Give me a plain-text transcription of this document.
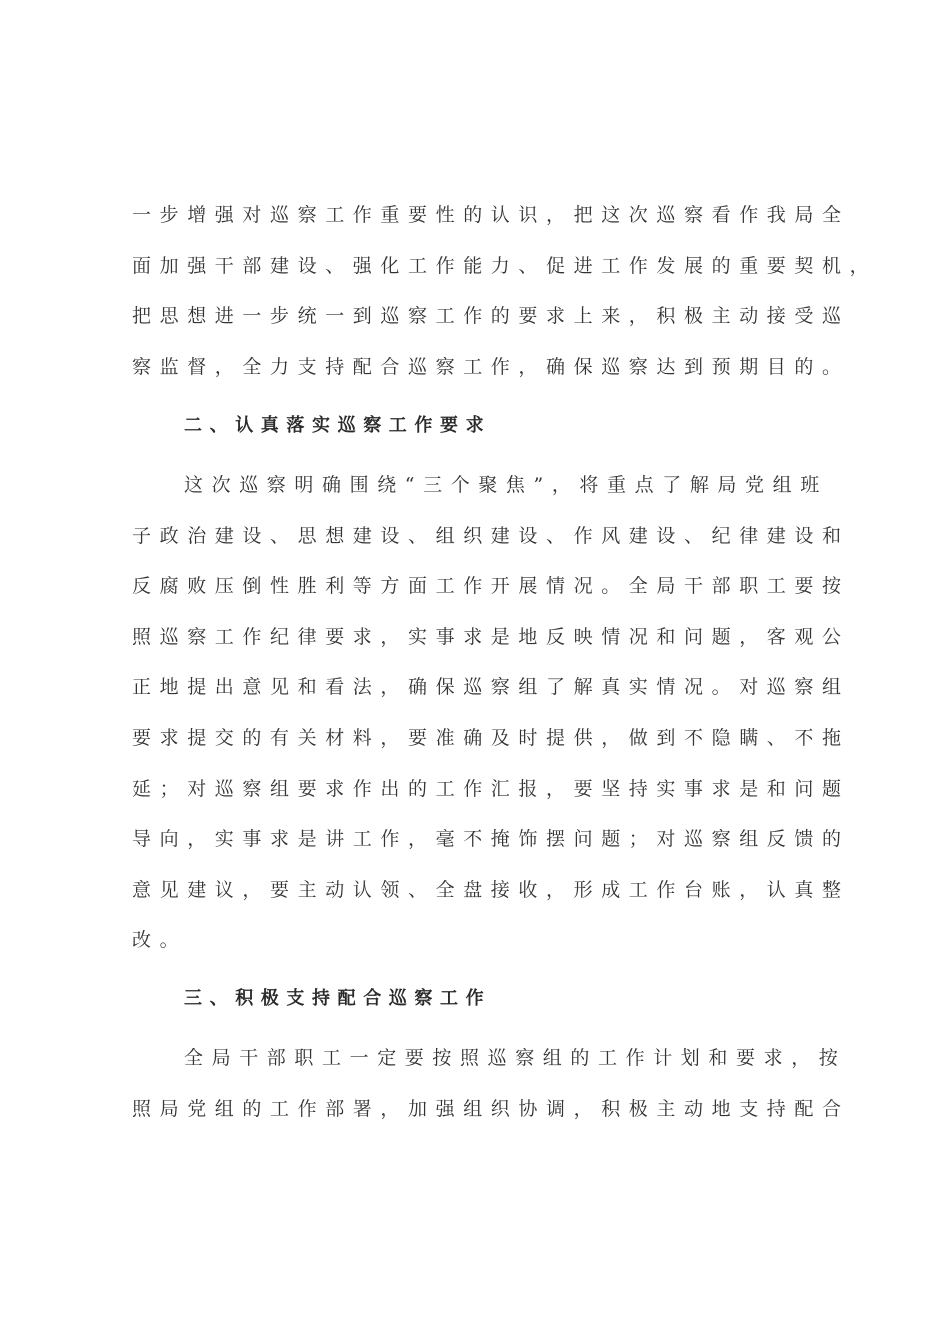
一步增强对巡察工作重要性的认识，把这次巡察看作我局全
面加强干部建设、强化工作能力、促进工作发展的重要契机，
把思想进一步统一到巡察工作的要求上来，积极主动接受巡
察监督，全力支持配合巡察工作，确保巡察达到预期目的。
二、认真落实巡察工作要求
这次巡察明确围绕“三个聚焦”，将重点了解局党组班
子政治建设、思想建设、组织建设、作风建设、纪律建设和
反腐败压倒性胜利等方面工作开展情况。全局干部职工要按
照巡察工作纪律要求，实事求是地反映情况和问题，客观公
正地提出意见和看法，确保巡察组了解真实情况。对巡察组
要求提交的有关材料，要准确及时提供，做到不隐瞒、不拖
延；对巡察组要求作出的工作汇报，要坚持实事求是和问题
导向，实事求是讲工作，毫不掩饰摆问题；对巡察组反馈的
意见建议，要主动认领、全盘接收，形成工作台账，认真整
改。
三、积极支持配合巡察工作
全局干部职工一定要按照巡察组的工作计划和要求，按
照局党组的工作部署，加强组织协调，积极主动地支持配合
